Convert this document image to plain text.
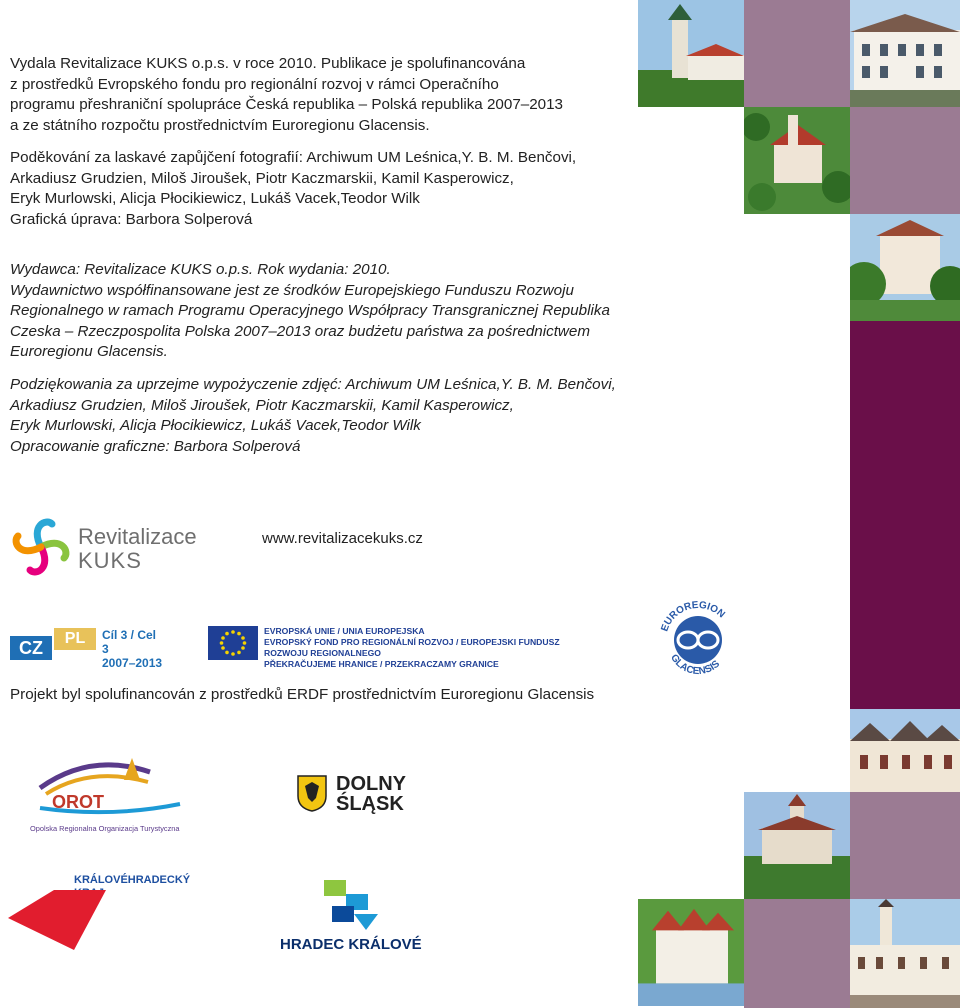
Vydala Revitalizace KUKS o.p.s. v roce 2010. Publikace je spolufinancována
z prostředků Evropského fondu pro regionální rozvoj v rámci Operačního
programu přeshraniční spolupráce Česká republika – Polská republika 2007–2013
a ze státního rozpočtu prostřednictvím Euroregionu Glacensis.
Poděkování za laskavé zapůjčení fotografií: Archiwum UM Leśnica,Y. B. M. Benčovi,
Arkadiusz Grudzien, Miloš Jiroušek, Piotr Kaczmarskii, Kamil Kasperowicz,
Eryk Murlowski, Alicja Płocikiewicz, Lukáš Vacek,Teodor Wilk
Grafická úprava: Barbora Solperová
Wydawca: Revitalizace KUKS o.p.s. Rok wydania: 2010.
Wydawnictwo współfinansowane jest ze środków Europejskiego Funduszu Rozwoju
Regionalnego w ramach Programu Operacyjnego Współpracy Transgranicznej Republika
Czeska – Rzeczpospolita Polska 2007–2013 oraz budżetu państwa za pośrednictwem
Euroregionu Glacensis.
Podziękowania za uprzejme wypożyczenie zdjęć: Archiwum UM Leśnica,Y. B. M. Benčovi,
Arkadiusz Grudzien, Miloš Jiroušek, Piotr Kaczmarskii, Kamil Kasperowicz,
Eryk Murlowski, Alicja Płocikiewicz, Lukáš Vacek,Teodor Wilk
Opracowanie graficzne: Barbora Solperová
Revitalizace
KUKS
www.revitalizacekuks.cz
CZ	PL	Cíl 3 / Cel 3
2007–2013
EVROPSKÁ UNIE / UNIA EUROPEJSKA
EVROPSKÝ FOND PRO REGIONÁLNÍ ROZVOJ / EUROPEJSKI FUNDUSZ ROZWOJU REGIONALNEGO
PŘEKRAČUJEME HRANICE / PRZEKRACZAMY GRANICE
EUROREGION
GLACENSIS
Projekt byl spolufinancován z prostředků ERDF prostřednictvím Euroregionu Glacensis
OROT
Opolska Regionalna Organizacja Turystyczna
DOLNY
ŚLĄSK
KRÁLOVÉHRADECKÝ
HRADEC KRÁLOVÉ
